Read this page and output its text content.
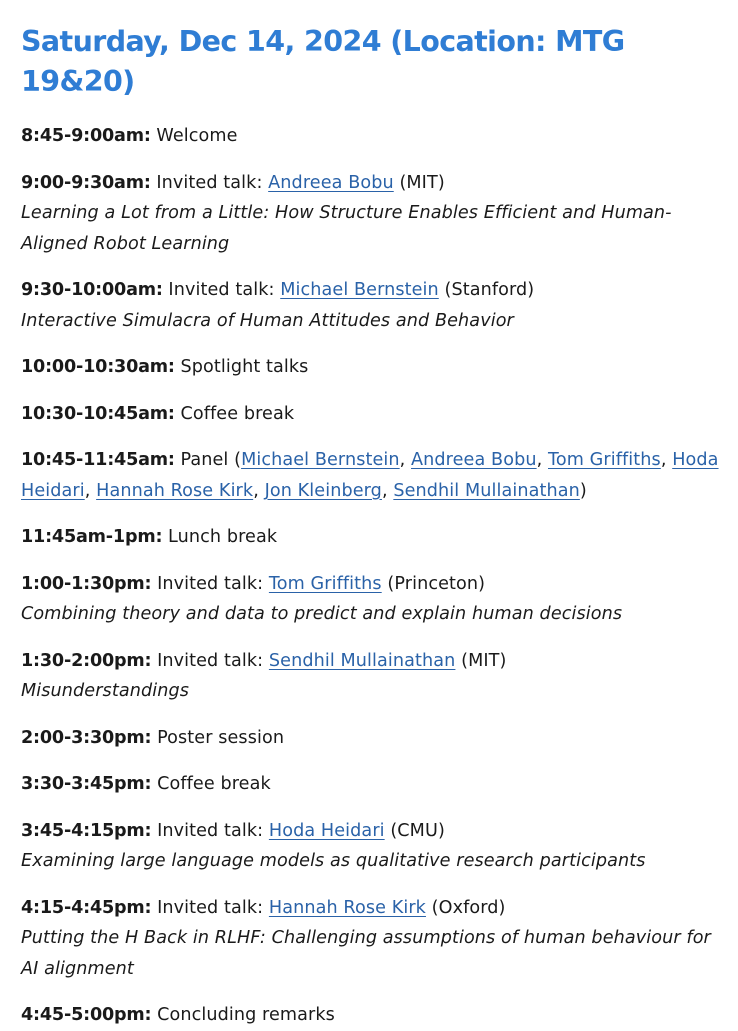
Saturday, Dec 14, 2024 (Location: MTG 19&20)

8:45-9:00am: Welcome

9:00-9:30am: Invited talk: Andreea Bobu (MIT)
Learning a Lot from a Little: How Structure Enables Efficient and Human-Aligned Robot Learning

9:30-10:00am: Invited talk: Michael Bernstein (Stanford)
Interactive Simulacra of Human Attitudes and Behavior

10:00-10:30am: Spotlight talks

10:30-10:45am: Coffee break

10:45-11:45am: Panel (Michael Bernstein, Andreea Bobu, Tom Griffiths, Hoda Heidari, Hannah Rose Kirk, Jon Kleinberg, Sendhil Mullainathan)

11:45am-1pm: Lunch break

1:00-1:30pm: Invited talk: Tom Griffiths (Princeton)
Combining theory and data to predict and explain human decisions

1:30-2:00pm: Invited talk: Sendhil Mullainathan (MIT)
Misunderstandings

2:00-3:30pm: Poster session

3:30-3:45pm: Coffee break

3:45-4:15pm: Invited talk: Hoda Heidari (CMU)
Examining large language models as qualitative research participants

4:15-4:45pm: Invited talk: Hannah Rose Kirk (Oxford)
Putting the H Back in RLHF: Challenging assumptions of human behaviour for AI alignment

4:45-5:00pm: Concluding remarks
